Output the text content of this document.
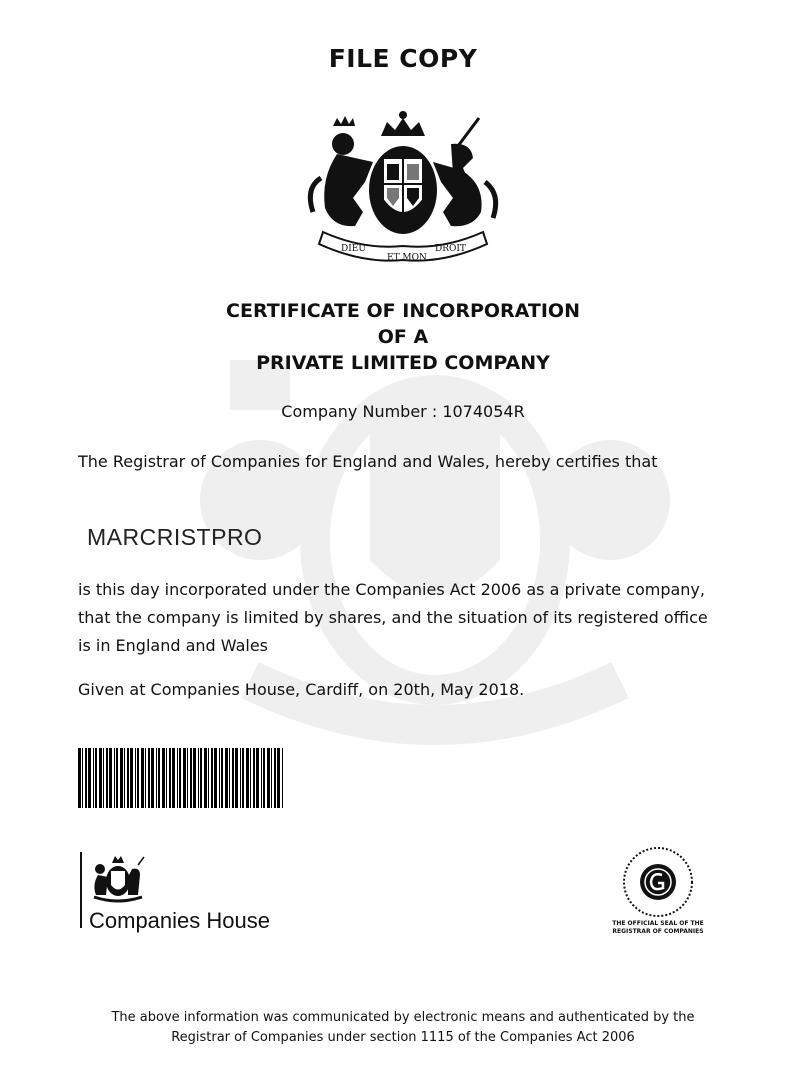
FILE COPY
DIEU
ET MON
DROIT
CERTIFICATE OF INCORPORATION
OF A
PRIVATE LIMITED COMPANY
Company Number : 1074054R
The Registrar of Companies for England and Wales, hereby certifies that
MARCRISTPRO
is this day incorporated under the Companies Act 2006 as a private company, that the company is limited by shares, and the situation of its registered office is in England and Wales
Given at Companies House, Cardiff, on 20th, May 2018.
Companies House	THE OFFICIAL SEAL OF THE REGISTRAR OF COMPANIES
The above information was communicated by electronic means and authenticated by the
Registrar of Companies under section 1115 of the Companies Act 2006
